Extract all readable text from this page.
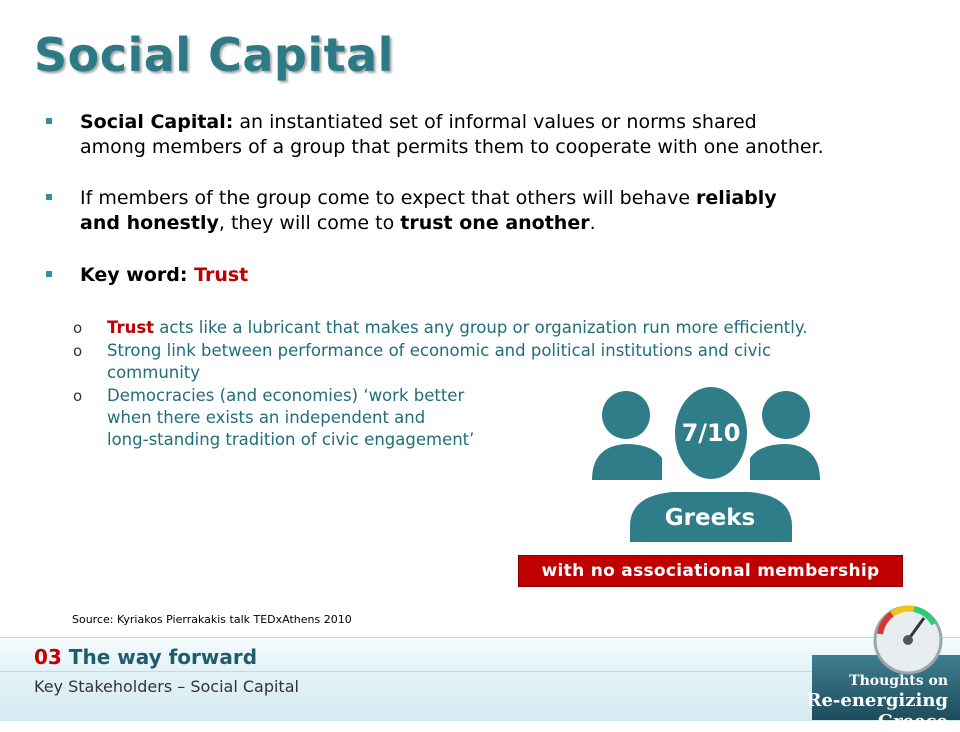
Social Capital
Social Capital: an instantiated set of informal values or norms shared
among members of a group that permits them to cooperate with one another.
If members of the group come to expect that others will behave reliably
and honestly, they will come to trust one another.
Key word: Trust
o Trust acts like a lubricant that makes any group or organization run more efficiently.
o Strong link between performance of economic and political institutions and civic
community
o Democracies (and economies) ‘work better
when there exists an independent and
long-standing tradition of civic engagement’	7/10
Greeks
with no associational membership
Source: Kyriakos Pierrakakis talk TEDxAthens 2010
03 The way forward
Key Stakeholders – Social Capital	Thoughts on
Re-energizing Greece
